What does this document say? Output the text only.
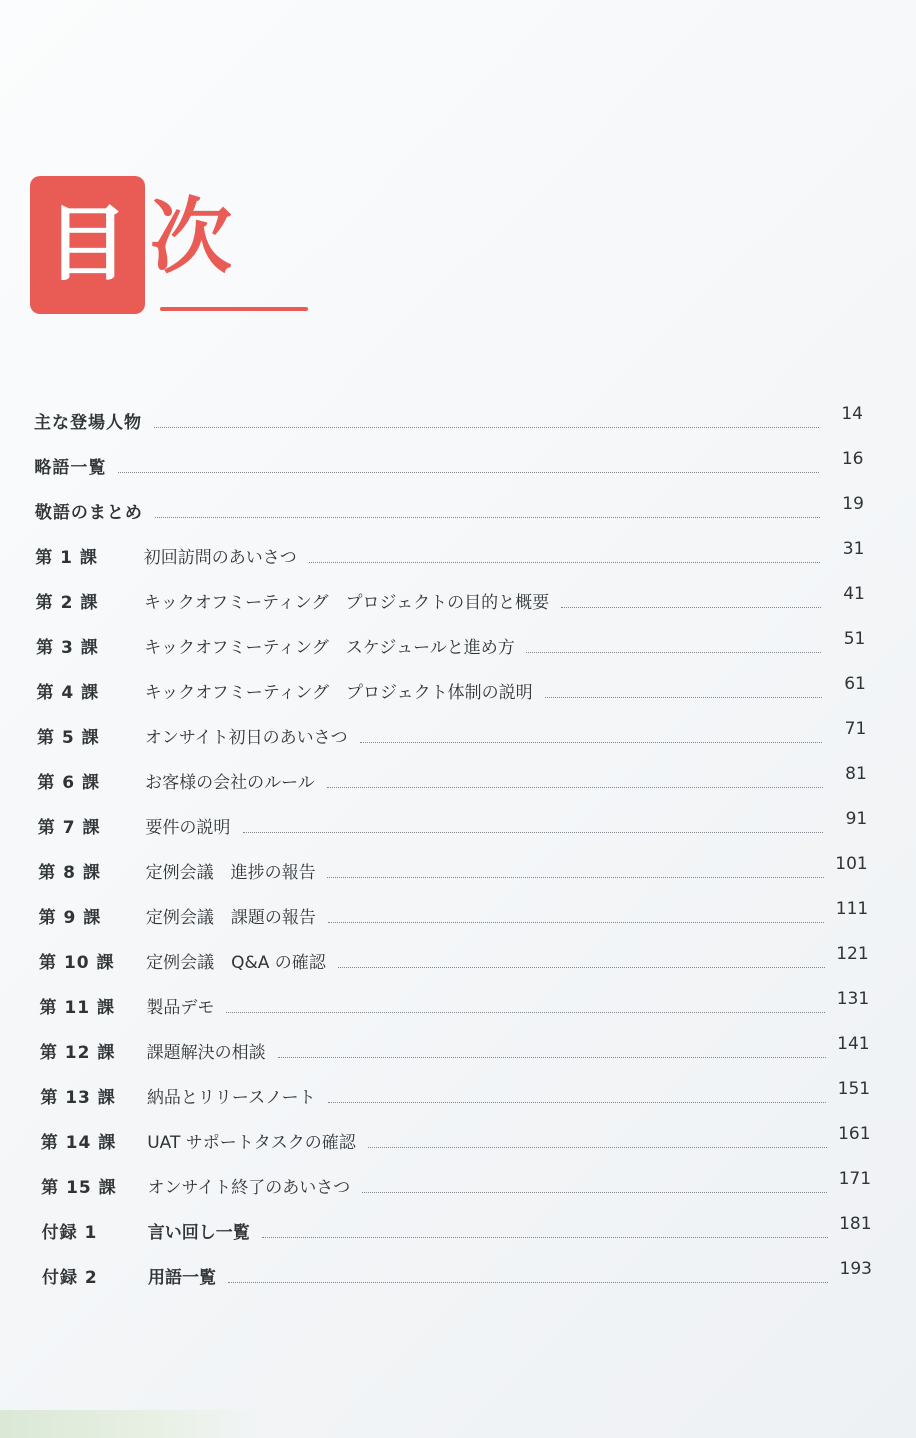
目 次
主な登場人物	14
略語一覧	16
敬語のまとめ	19
第 1 課	初回訪問のあいさつ	31
第 2 課	キックオフミーティング　プロジェクトの目的と概要	41
第 3 課	キックオフミーティング　スケジュールと進め方	51
第 4 課	キックオフミーティング　プロジェクト体制の説明	61
第 5 課	オンサイト初日のあいさつ	71
第 6 課	お客様の会社のルール	81
第 7 課	要件の説明	91
第 8 課	定例会議　進捗の報告	101
第 9 課	定例会議　課題の報告	111
第 10 課 定例会議　Q&A の確認	121
第 11 課 製品デモ	131
第 12 課 課題解決の相談	141
第 13 課 納品とリリースノート	151
第 14 課 UAT サポートタスクの確認	161
第 15 課 オンサイト終了のあいさつ	171
付録 1	言い回し一覧	181
付録 2	用語一覧	193
